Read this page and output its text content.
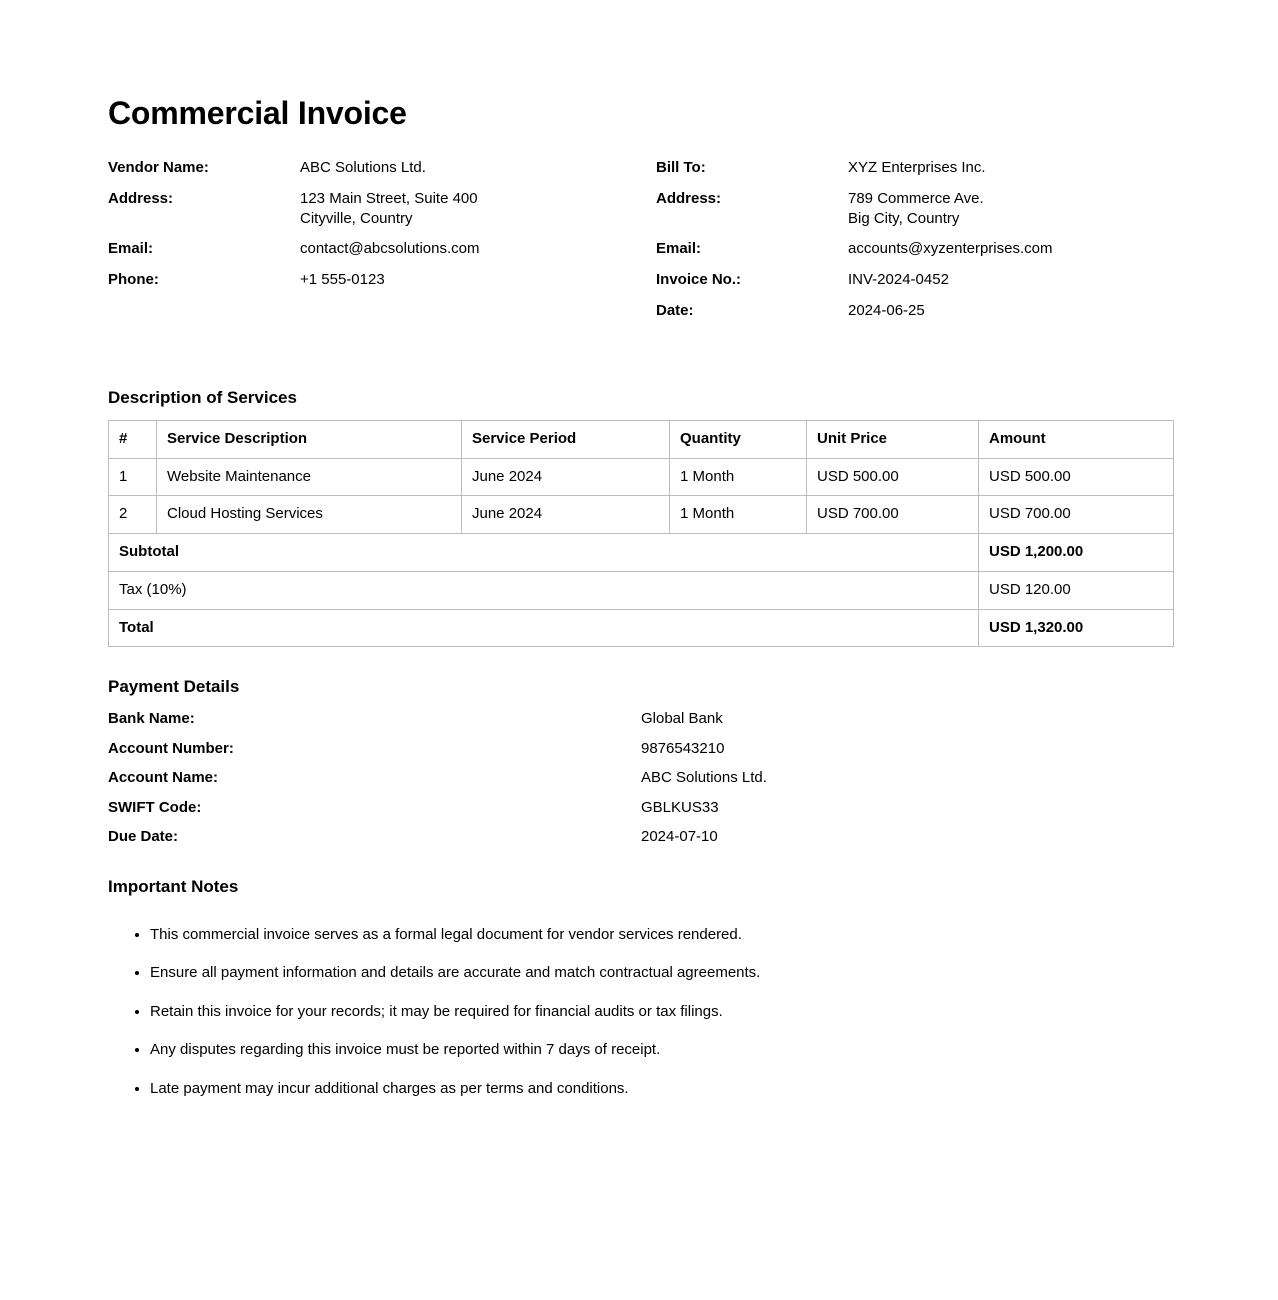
Commercial Invoice
Vendor Name:	ABC Solutions Ltd.
Address:	123 Main Street, Suite 400
Cityville, Country
Email:	contact@abcsolutions.com
Phone:	+1 555-0123
Bill To:	XYZ Enterprises Inc.
Address:	789 Commerce Ave.
Big City, Country
Email:	accounts@xyzenterprises.com
Invoice No.:	INV-2024-0452
Date:	2024-06-25
Description of Services
#	Service Description	Service Period	Quantity	Unit Price	Amount
1	Website Maintenance	June 2024	1 Month	USD 500.00	USD 500.00
2	Cloud Hosting Services	June 2024	1 Month	USD 700.00	USD 700.00
Subtotal					USD 1,200.00
Tax (10%)					USD 120.00
Total					USD 1,320.00
Payment Details
Bank Name:	Global Bank
Account Number:	9876543210
Account Name:	ABC Solutions Ltd.
SWIFT Code:	GBLKUS33
Due Date:	2024-07-10
Important Notes
• This commercial invoice serves as a formal legal document for vendor services rendered.
• Ensure all payment information and details are accurate and match contractual agreements.
• Retain this invoice for your records; it may be required for financial audits or tax filings.
• Any disputes regarding this invoice must be reported within 7 days of receipt.
• Late payment may incur additional charges as per terms and conditions.
